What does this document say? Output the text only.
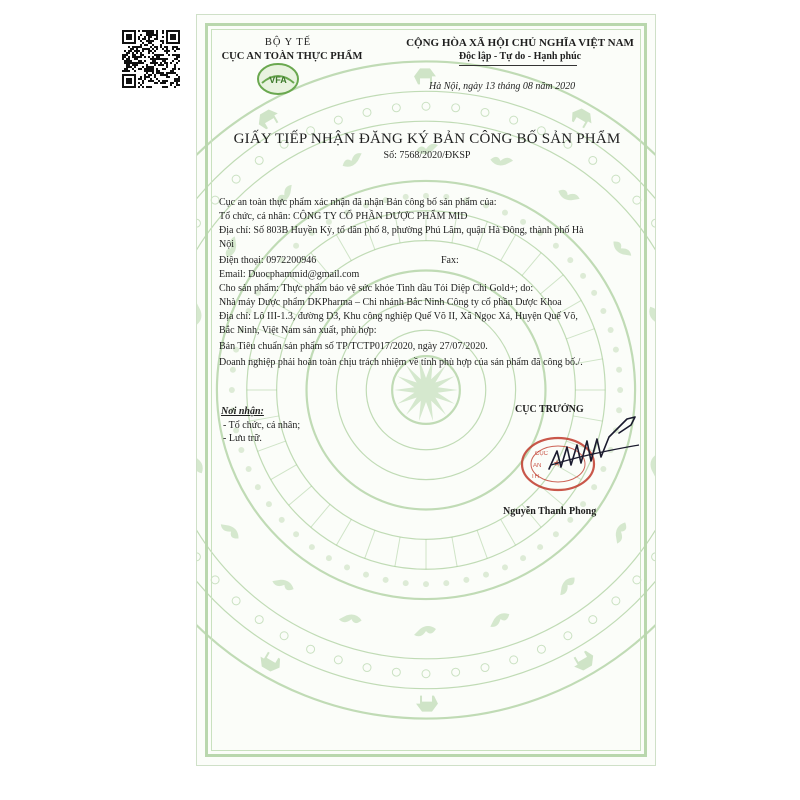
BỘ Y TẾ
CỤC AN TOÀN THỰC PHẨM
VFA
CỘNG HÒA XÃ HỘI CHỦ NGHĨA VIỆT NAM
Độc lập - Tự do - Hạnh phúc
Hà Nội, ngày 13 tháng 08 năm 2020
GIẤY TIẾP NHẬN ĐĂNG KÝ BẢN CÔNG BỐ SẢN PHẨM
Số: 7568/2020/ĐKSP
Cục an toàn thực phẩm xác nhận đã nhận Bản công bố sản phẩm của:
Tổ chức, cá nhân: CÔNG TY CỔ PHẦN DƯỢC PHẨM MID
Địa chỉ: Số 803B Huyền Kỳ, tổ dân phố 8, phường Phú Lãm, quận Hà Đông, thành phố Hà
Nội
Điện thoại: 0972200946	Fax:
Email: Duocphammid@gmail.com
Cho sản phẩm: Thực phẩm bảo vệ sức khỏe Tinh dầu Tỏi Diệp Chi Gold+; do:
Nhà máy Dược phẩm DKPharma – Chi nhánh Bắc Ninh Công ty cổ phần Dược Khoa
Địa chỉ: Lô III-1.3, đường D3, Khu công nghiệp Quế Võ II, Xã Ngọc Xá, Huyện Quế Võ,
Bắc Ninh, Việt Nam sản xuất, phù hợp:
Bản Tiêu chuẩn sản phẩm số TP/TCTP017/2020, ngày 27/07/2020.
Doanh nghiệp phải hoàn toàn chịu trách nhiệm về tính phù hợp của sản phẩm đã công bố./.
Nơi nhận:
- Tổ chức, cá nhân;
- Lưu trữ.
CỤC TRƯỞNG
CỤC
AN
TH
★
Nguyễn Thanh Phong
